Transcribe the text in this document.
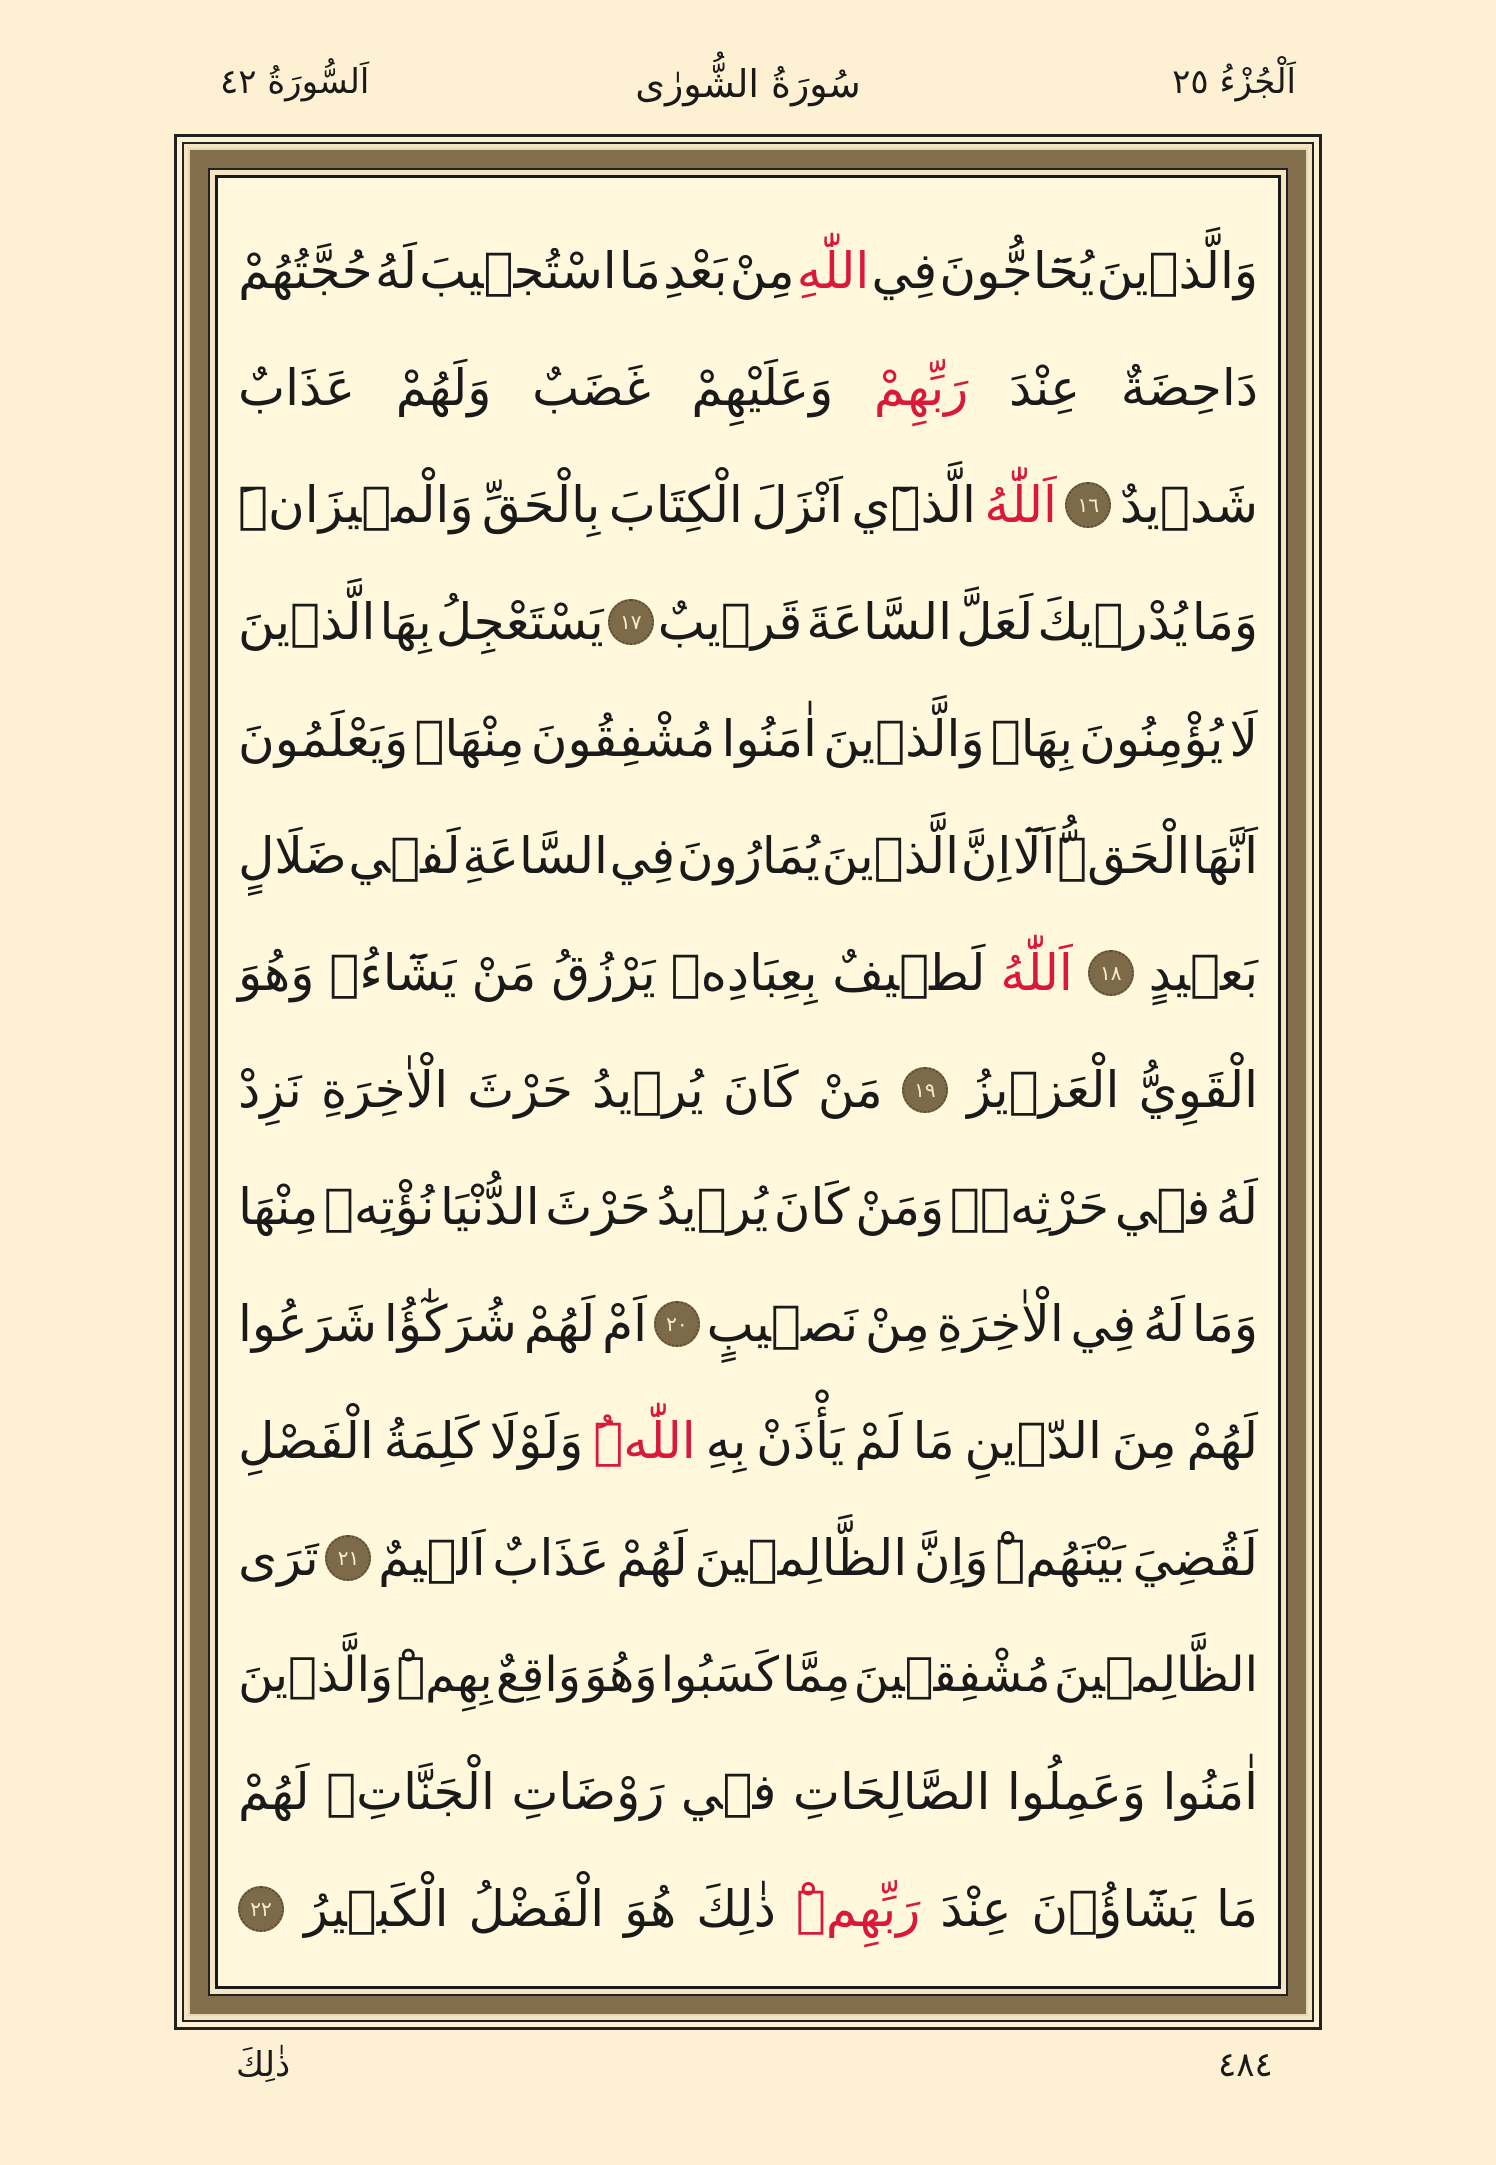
اَلْجُزْءُ ٢٥
سُورَةُ الشُّورٰى
اَلسُّورَةُ ٤٢
وَالَّذ۪ينَ
يُحَٓاجُّونَ
فِي
اللّٰهِ
مِنْ
بَعْدِ
مَا
اسْتُج۪يبَ
لَهُ
حُجَّتُهُمْ
دَاحِضَةٌ
عِنْدَ
رَبِّهِمْ
وَعَلَيْهِمْ
غَضَبٌ
وَلَهُمْ
عَذَابٌ
شَد۪يدٌ
١٦
اَللّٰهُ
الَّذ۪ٓي
اَنْزَلَ
الْكِتَابَ
بِالْحَقِّ
وَالْم۪يزَانَۜ
وَمَا
يُدْر۪يكَ
لَعَلَّ
السَّاعَةَ
قَر۪يبٌ
١٧
يَسْتَعْجِلُ
بِهَا
الَّذ۪ينَ
لَا
يُؤْمِنُونَ
بِهَاۚ
وَالَّذ۪ينَ
اٰمَنُوا
مُشْفِقُونَ
مِنْهَاۙ
وَيَعْلَمُونَ
اَنَّهَا
الْحَقُّۜ
اَلَٓا
اِنَّ
الَّذ۪ينَ
يُمَارُونَ
فِي
السَّاعَةِ
لَف۪ي
ضَلَالٍ
بَع۪يدٍ
١٨
اَللّٰهُ
لَط۪يفٌ
بِعِبَادِه۪
يَرْزُقُ
مَنْ
يَشَٓاءُۚ
وَهُوَ
الْقَوِيُّ
الْعَز۪يزُ
١٩
مَنْ
كَانَ
يُر۪يدُ
حَرْثَ
الْاٰخِرَةِ
نَزِدْ
لَهُ
ف۪ي
حَرْثِه۪ۚ
وَمَنْ
كَانَ
يُر۪يدُ
حَرْثَ
الدُّنْيَا
نُؤْتِه۪
مِنْهَا
وَمَا
لَهُ
فِي
الْاٰخِرَةِ
مِنْ
نَص۪يبٍ
٢٠
اَمْ
لَهُمْ
شُرَكٰٓؤُا
شَرَعُوا
لَهُمْ
مِنَ
الدّ۪ينِ
مَا
لَمْ
يَأْذَنْ
بِهِ
اللّٰهُۜ
وَلَوْلَا
كَلِمَةُ
الْفَصْلِ
لَقُضِيَ
بَيْنَهُمْۜ
وَاِنَّ
الظَّالِم۪ينَ
لَهُمْ
عَذَابٌ
اَل۪يمٌ
٢١
تَرَى
الظَّالِم۪ينَ
مُشْفِق۪ينَ
مِمَّا
كَسَبُوا
وَهُوَ
وَاقِعٌ
بِهِمْۜ
وَالَّذ۪ينَ
اٰمَنُوا
وَعَمِلُوا
الصَّالِحَاتِ
ف۪ي
رَوْضَاتِ
الْجَنَّاتِۚ
لَهُمْ
مَا
يَشَٓاؤُ۫نَ
عِنْدَ
رَبِّهِمْۜ
ذٰلِكَ
هُوَ
الْفَضْلُ
الْكَب۪يرُ
٢٢
٤٨٤
ذٰلِكَ
